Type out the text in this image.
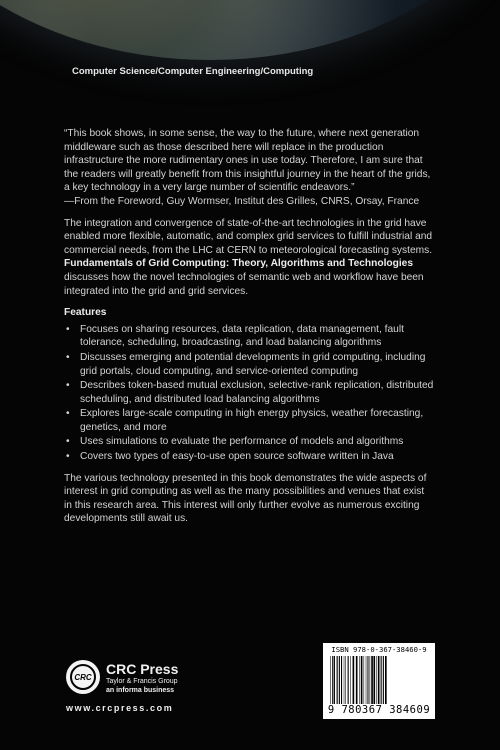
Computer Science/Computer Engineering/Computing

“This book shows, in some sense, the way to the future, where next generation middleware such as those described here will replace in the production infrastructure the more rudimentary ones in use today. Therefore, I am sure that the readers will greatly benefit from this insightful journey in the heart of the grids, a key technology in a very large number of scientific endeavors.”
—From the Foreword, Guy Wormser, Institut des Grilles, CNRS, Orsay, France

The integration and convergence of state-of-the-art technologies in the grid have enabled more flexible, automatic, and complex grid services to fulfill industrial and commercial needs, from the LHC at CERN to meteorological forecasting systems. Fundamentals of Grid Computing: Theory, Algorithms and Technologies discusses how the novel technologies of semantic web and workflow have been integrated into the grid and grid services.

Features
• Focuses on sharing resources, data replication, data management, fault tolerance, scheduling, broadcasting, and load balancing algorithms
• Discusses emerging and potential developments in grid computing, including grid portals, cloud computing, and service-oriented computing
• Describes token-based mutual exclusion, selective-rank replication, distributed scheduling, and distributed load balancing algorithms
• Explores large-scale computing in high energy physics, weather forecasting, genetics, and more
• Uses simulations to evaluate the performance of models and algorithms
• Covers two types of easy-to-use open source software written in Java

The various technology presented in this book demonstrates the wide aspects of interest in grid computing as well as the many possibilities and venues that exist in this research area. This interest will only further evolve as numerous exciting developments still await us.

CRC	CRC Press
Taylor & Francis Group
an informa business
www.crcpress.com
ISBN 978-0-367-38460-9
9 780367 384609
